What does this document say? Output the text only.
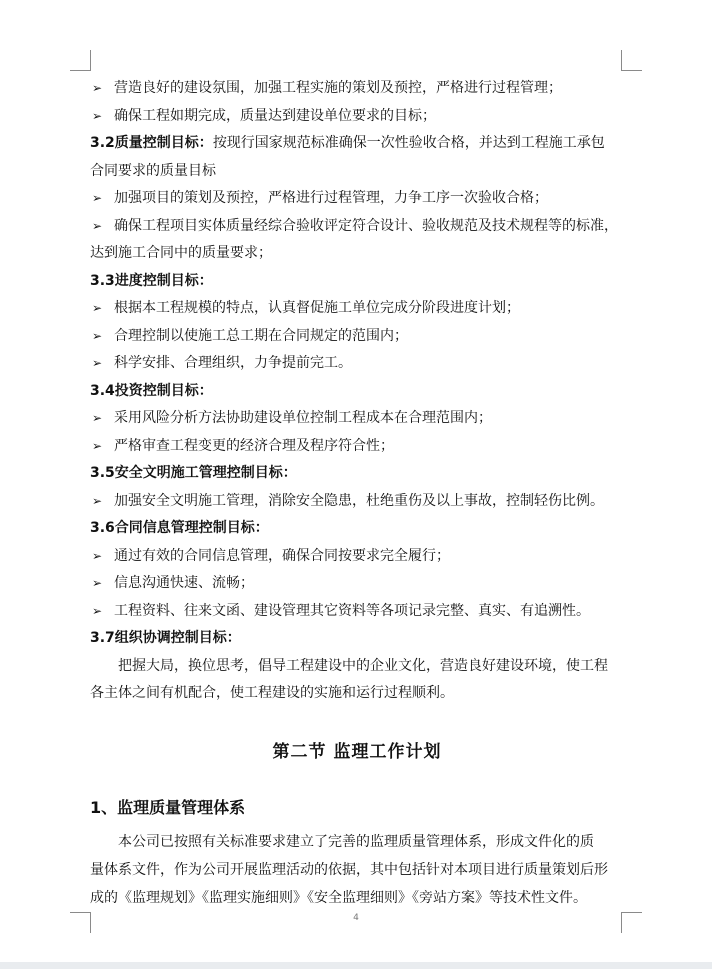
➢ 营造良好的建设氛围，加强工程实施的策划及预控，严格进行过程管理；
➢ 确保工程如期完成，质量达到建设单位要求的目标；
3.2质量控制目标：按现行国家规范标准确保一次性验收合格，并达到工程施工承包
合同要求的质量目标
➢ 加强项目的策划及预控，严格进行过程管理，力争工序一次验收合格；
➢ 确保工程项目实体质量经综合验收评定符合设计、验收规范及技术规程等的标准，
达到施工合同中的质量要求；
3.3进度控制目标：
➢ 根据本工程规模的特点，认真督促施工单位完成分阶段进度计划；
➢ 合理控制以使施工总工期在合同规定的范围内；
➢ 科学安排、合理组织，力争提前完工。
3.4投资控制目标：
➢ 采用风险分析方法协助建设单位控制工程成本在合理范围内；
➢ 严格审查工程变更的经济合理及程序符合性；
3.5安全文明施工管理控制目标：
➢ 加强安全文明施工管理，消除安全隐患，杜绝重伤及以上事故，控制轻伤比例。
3.6合同信息管理控制目标：
➢ 通过有效的合同信息管理，确保合同按要求完全履行；
➢ 信息沟通快速、流畅；
➢ 工程资料、往来文函、建设管理其它资料等各项记录完整、真实、有追溯性。
3.7组织协调控制目标：
把握大局，换位思考，倡导工程建设中的企业文化，营造良好建设环境，使工程
各主体之间有机配合，使工程建设的实施和运行过程顺利。
第二节 监理工作计划
1、监理质量管理体系
本公司已按照有关标准要求建立了完善的监理质量管理体系，形成文件化的质
量体系文件，作为公司开展监理活动的依据，其中包括针对本项目进行质量策划后形
成的《监理规划》《监理实施细则》《安全监理细则》《旁站方案》等技术性文件。
4
